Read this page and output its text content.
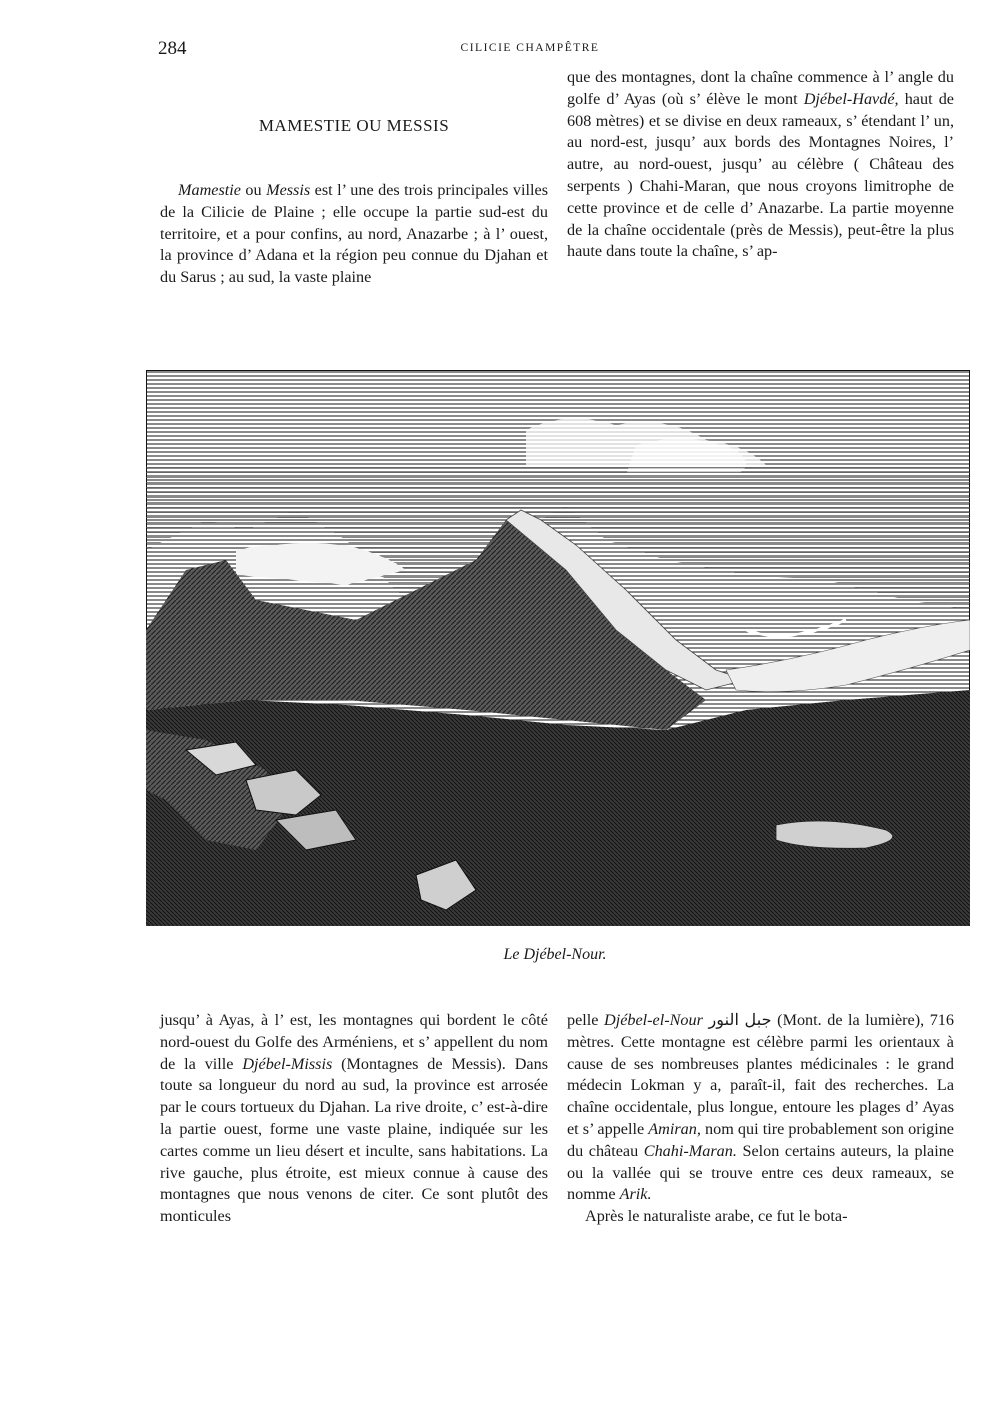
284	CILICIE CHAMPÊTRE
MAMESTIE OU MESSIS

Mamestie ou Messis est l’ une des trois principales villes de la Cilicie de Plaine ; elle occupe la partie sud-est du territoire, et a pour confins, au nord, Anazarbe ; à l’ ouest, la province d’ Adana et la région peu connue du Djahan et du Sarus ; au sud, la vaste plaine

que des montagnes, dont la chaîne commence à l’ angle du golfe d’ Ayas (où s’ élève le mont Djébel-Havdé, haut de 608 mètres) et se divise en deux rameaux, s’ étendant l’ un, au nord-est, jusqu’ aux bords des Montagnes Noires, l’ autre, au nord-ouest, jusqu’ au célèbre ( Château des serpents ) Chahi-Maran, que nous croyons limitrophe de cette province et de celle d’ Anazarbe. La partie moyenne de la chaîne occidentale (près de Messis), peut-être la plus haute dans toute la chaîne, s’ ap-

Le Djébel-Nour.

jusqu’ à Ayas, à l’ est, les montagnes qui bordent le côté nord-ouest du Golfe des Arméniens, et s’ appellent du nom de la ville Djébel-Missis (Montagnes de Messis). Dans toute sa longueur du nord au sud, la province est arrosée par le cours tortueux du Djahan. La rive droite, c’ est-à-dire la partie ouest, forme une vaste plaine, indiquée sur les cartes comme un lieu désert et inculte, sans habitations. La rive gauche, plus étroite, est mieux connue à cause des montagnes que nous venons de citer. Ce sont plutôt des monticules

pelle Djébel-el-Nour جبل النور (Mont. de la lumière), 716 mètres. Cette montagne est célèbre parmi les orientaux à cause de ses nombreuses plantes médicinales : le grand médecin Lokman y a, paraît-il, fait des recherches. La chaîne occidentale, plus longue, entoure les plages d’ Ayas et s’ appelle Amiran, nom qui tire probablement son origine du château Chahi-Maran. Selon certains auteurs, la plaine ou la vallée qui se trouve entre ces deux rameaux, se nomme Arik.

Après le naturaliste arabe, ce fut le bota-
